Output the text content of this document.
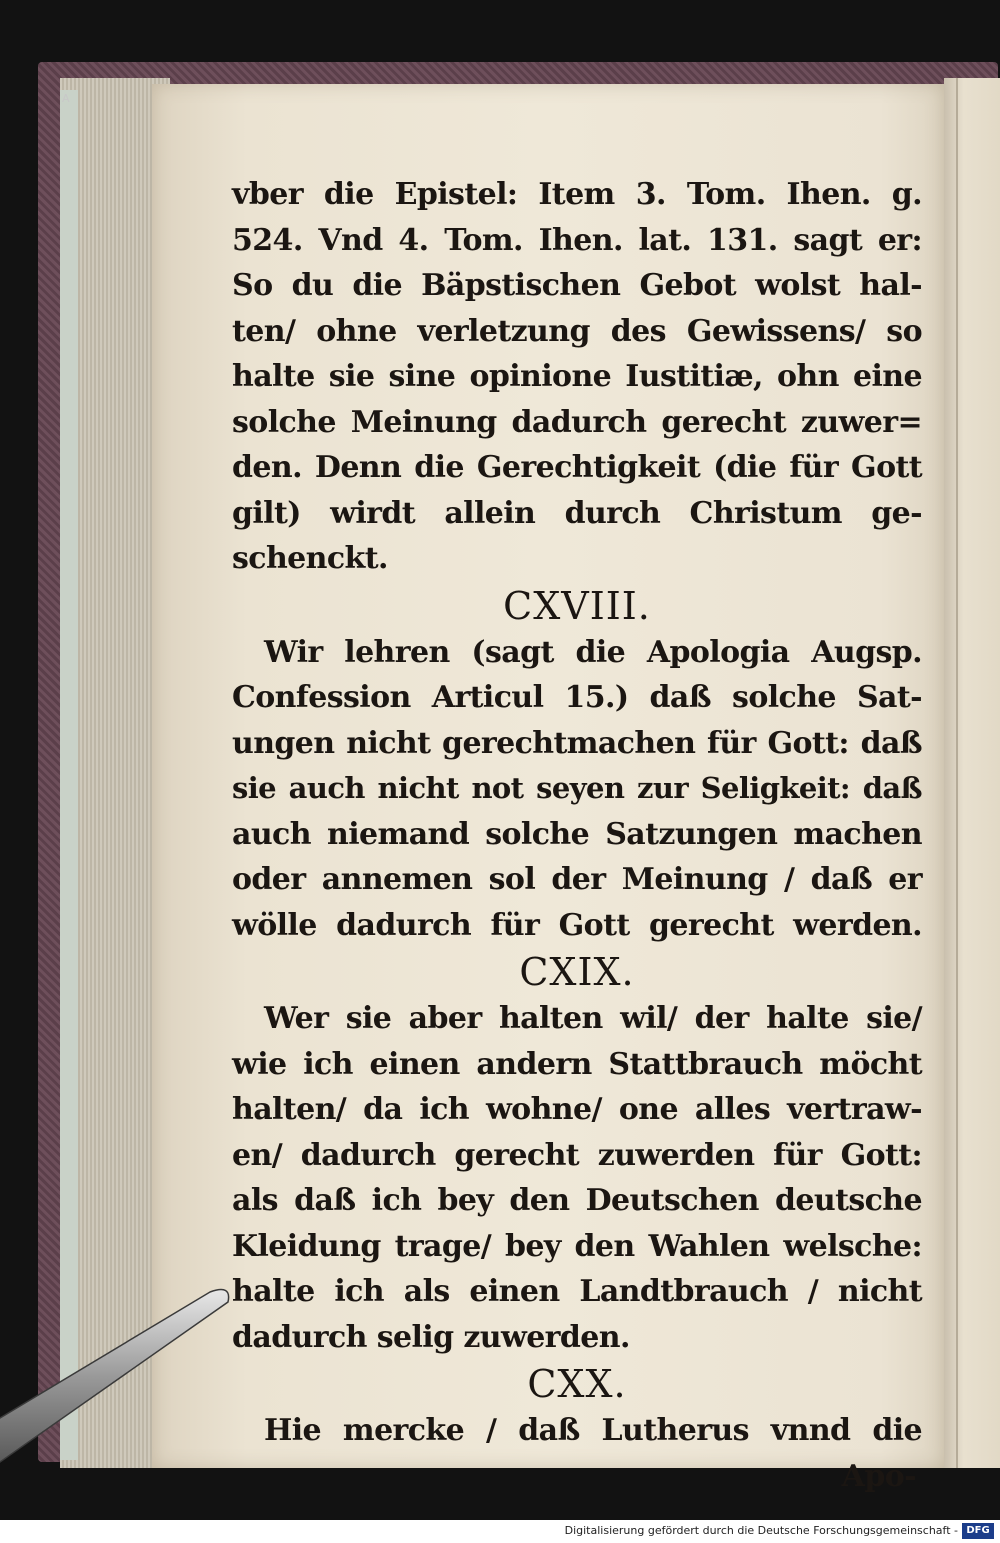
A
vber die Epistel: Item 3. Tom. Ihen. g.
524. Vnd 4. Tom. Ihen. lat. 131. sagt er:
So du die Bäpstischen Gebot wolst hal-
ten/ ohne verletzung des Gewissens/ so
halte sie sine opinione Iustitiæ, ohn eine
solche Meinung dadurch gerecht zuwer=
den. Denn die Gerechtigkeit (die für Gott
gilt) wirdt allein durch Christum ge-
schenckt.
CXVIII.
Wir lehren (sagt die Apologia Augsp.
Confession Articul 15.) daß solche Sat-
ungen nicht gerechtmachen für Gott: daß
sie auch nicht not seyen zur Seligkeit: daß
auch niemand solche Satzungen machen
oder annemen sol der Meinung / daß er
wölle dadurch für Gott gerecht werden.
CXIX.
Wer sie aber halten wil/ der halte sie/
wie ich einen andern Stattbrauch möcht
halten/ da ich wohne/ one alles vertraw-
en/ dadurch gerecht zuwerden für Gott:
als daß ich bey den Deutschen deutsche
Kleidung trage/ bey den Wahlen welsche:
halte ich als einen Landtbrauch / nicht
dadurch selig zuwerden.
CXX.
Hie mercke / daß Lutherus vnnd die
Apo-
Digitalisierung gefördert durch die Deutsche Forschungsgemeinschaft - DFG
